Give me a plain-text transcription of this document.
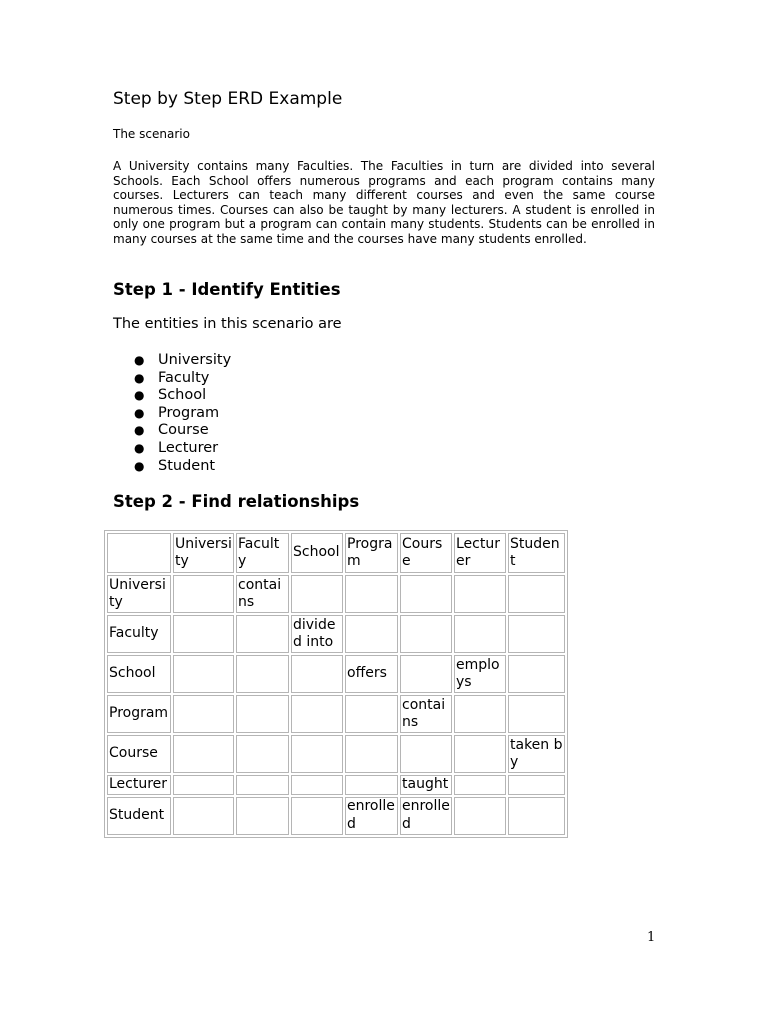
Step by Step ERD Example

The scenario

A University contains many Faculties. The Faculties in turn are divided into several Schools. Each School offers numerous programs and each program contains many courses. Lecturers can teach many different courses and even the same course numerous times. Courses can also be taught by many lecturers. A student is enrolled in only one program but a program can contain many students. Students can be enrolled in many courses at the same time and the courses have many students enrolled.

Step 1 - Identify Entities

The entities in this scenario are

● University
● Faculty
● School
● Program
● Course
● Lecturer
● Student
Step 2 - Find relationships
	University	Faculty	School	Program	Course	Lecturer	Student
University		contains					
Faculty			divided into				
School				offers		employs	
Program					contains		
Course							taken by
Lecturer					taught		
Student				enrolled	enrolled		

1
